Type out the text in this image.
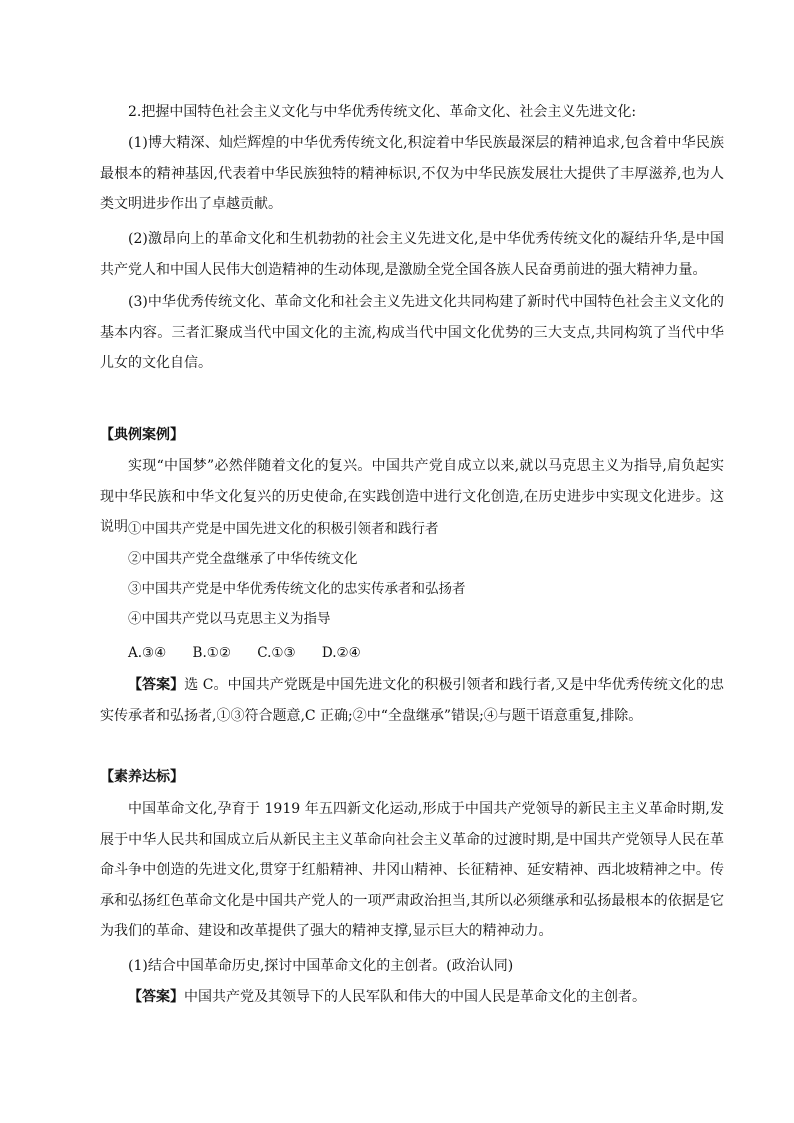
2.把握中国特色社会主义文化与中华优秀传统文化、革命文化、社会主义先进文化:

(1)博大精深、灿烂辉煌的中华优秀传统文化,积淀着中华民族最深层的精神追求,包含着中华民族最根本的精神基因,代表着中华民族独特的精神标识,不仅为中华民族发展壮大提供了丰厚滋养,也为人类文明进步作出了卓越贡献。

(2)激昂向上的革命文化和生机勃勃的社会主义先进文化,是中华优秀传统文化的凝结升华,是中国共产党人和中国人民伟大创造精神的生动体现,是激励全党全国各族人民奋勇前进的强大精神力量。

(3)中华优秀传统文化、革命文化和社会主义先进文化共同构建了新时代中国特色社会主义文化的基本内容。三者汇聚成当代中国文化的主流,构成当代中国文化优势的三大支点,共同构筑了当代中华儿女的文化自信。

【典例案例】

实现“中国梦”必然伴随着文化的复兴。中国共产党自成立以来,就以马克思主义为指导,肩负起实现中华民族和中华文化复兴的历史使命,在实践创造中进行文化创造,在历史进步中实现文化进步。这说明 ①中国共产党是中国先进文化的积极引领者和践行者

②中国共产党全盘继承了中华传统文化

③中国共产党是中华优秀传统文化的忠实传承者和弘扬者

④中国共产党以马克思主义为指导

A.③④ B.①② C.①③ D.②④

【答案】选 C。中国共产党既是中国先进文化的积极引领者和践行者,又是中华优秀传统文化的忠实传承者和弘扬者,①③符合题意,C 正确;②中“全盘继承”错误;④与题干语意重复,排除。

【素养达标】

中国革命文化,孕育于 1919 年五四新文化运动,形成于中国共产党领导的新民主主义革命时期,发展于中华人民共和国成立后从新民主主义革命向社会主义革命的过渡时期,是中国共产党领导人民在革命斗争中创造的先进文化,贯穿于红船精神、井冈山精神、长征精神、延安精神、西北坡精神之中。传承和弘扬红色革命文化是中国共产党人的一项严肃政治担当,其所以必须继承和弘扬最根本的依据是它为我们的革命、建设和改革提供了强大的精神支撑,显示巨大的精神动力。

(1)结合中国革命历史,探讨中国革命文化的主创者。(政治认同)

【答案】中国共产党及其领导下的人民军队和伟大的中国人民是革命文化的主创者。
